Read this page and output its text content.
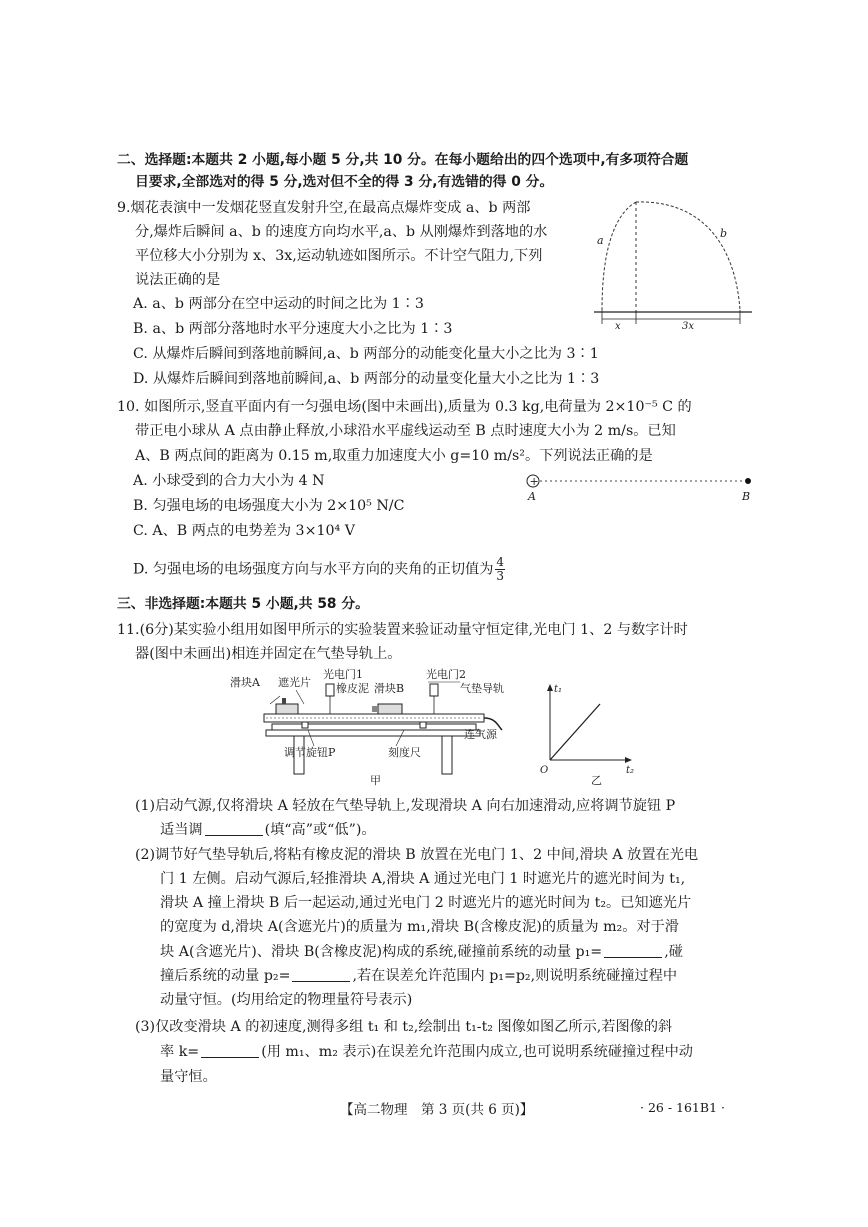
二、选择题:本题共 2 小题,每小题 5 分,共 10 分。在每小题给出的四个选项中,有多项符合题
目要求,全部选对的得 5 分,选对但不全的得 3 分,有选错的得 0 分。
9.烟花表演中一发烟花竖直发射升空,在最高点爆炸变成 a、b 两部
分,爆炸后瞬间 a、b 的速度方向均水平,a、b 从刚爆炸到落地的水
平位移大小分别为 x、3x,运动轨迹如图所示。不计空气阻力,下列
说法正确的是
A. a、b 两部分在空中运动的时间之比为 1∶3
B. a、b 两部分落地时水平分速度大小之比为 1∶3
C. 从爆炸后瞬间到落地前瞬间,a、b 两部分的动能变化量大小之比为 3∶1
D. 从爆炸后瞬间到落地前瞬间,a、b 两部分的动量变化量大小之比为 1∶3
a
b
x	3x
10. 如图所示,竖直平面内有一匀强电场(图中未画出),质量为 0.3 kg,电荷量为 2×10⁻⁵ C 的
带正电小球从 A 点由静止释放,小球沿水平虚线运动至 B 点时速度大小为 2 m/s。已知
A、B 两点间的距离为 0.15 m,取重力加速度大小 g=10 m/s²。下列说法正确的是
A. 小球受到的合力大小为 4 N
B. 匀强电场的电场强度大小为 2×10⁵ N/C
C. A、B 两点的电势差为 3×10⁴ V
D. 匀强电场的电场强度方向与水平方向的夹角的正切值为 $\frac{4}{3}$
+
A	B
三、非选择题:本题共 5 小题,共 58 分。
11.(6分)某实验小组用如图甲所示的实验装置来验证动量守恒定律,光电门 1、2 与数字计时
器(图中未画出)相连并固定在气垫导轨上。
滑块A 遮光片
光电门1
橡皮泥 滑块B
光电门2
气垫导轨
连气源
调节旋钮P	刻度尺
甲
t₁
t₂
O
乙
(1)启动气源,仅将滑块 A 轻放在气垫导轨上,发现滑块 A 向右加速滑动,应将调节旋钮 P
适当调	(填“高”或“低”)。
(2)调节好气垫导轨后,将粘有橡皮泥的滑块 B 放置在光电门 1、2 中间,滑块 A 放置在光电
门 1 左侧。启动气源后,轻推滑块 A,滑块 A 通过光电门 1 时遮光片的遮光时间为 t₁,
滑块 A 撞上滑块 B 后一起运动,通过光电门 2 时遮光片的遮光时间为 t₂。已知遮光片
的宽度为 d,滑块 A(含遮光片)的质量为 m₁,滑块 B(含橡皮泥)的质量为 m₂。对于滑
块 A(含遮光片)、滑块 B(含橡皮泥)构成的系统,碰撞前系统的动量 p₁=	,碰
撞后系统的动量 p₂=	,若在误差允许范围内 p₁=p₂,则说明系统碰撞过程中
动量守恒。(均用给定的物理量符号表示)
(3)仅改变滑块 A 的初速度,测得多组 t₁ 和 t₂,绘制出 t₁-t₂ 图像如图乙所示,若图像的斜
率 k=	(用 m₁、m₂ 表示)在误差允许范围内成立,也可说明系统碰撞过程中动
量守恒。
【高二物理　第 3 页(共 6 页)】	· 26 - 161B1 ·
